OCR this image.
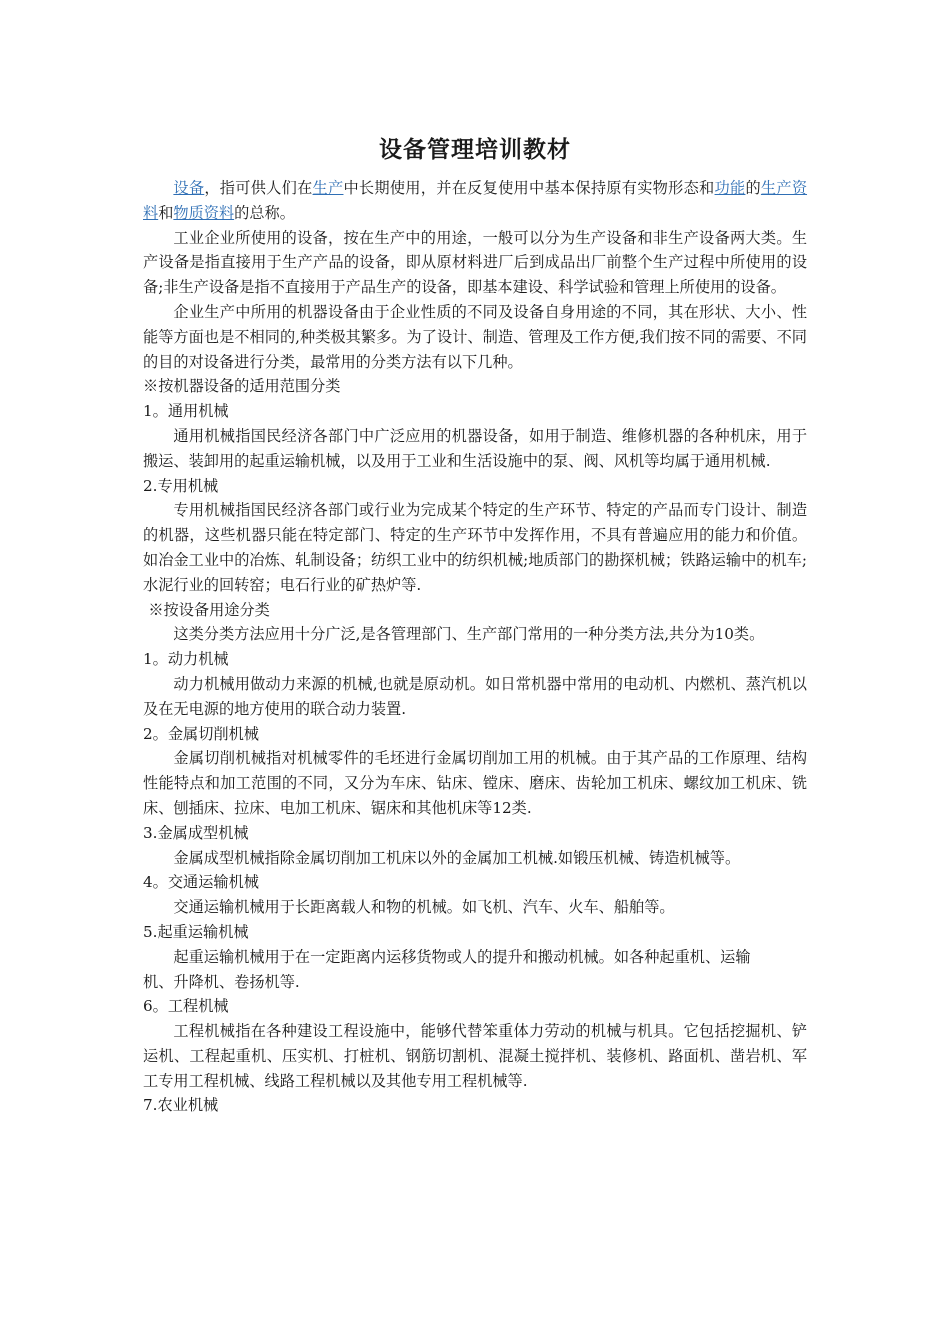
设备管理培训教材

设备，指可供人们在生产中长期使用，并在反复使用中基本保持原有实物形态和功能的生产资料和物质资料的总称。

工业企业所使用的设备，按在生产中的用途，一般可以分为生产设备和非生产设备两大类。生产设备是指直接用于生产产品的设备，即从原材料进厂后到成品出厂前整个生产过程中所使用的设备;非生产设备是指不直接用于产品生产的设备，即基本建设、科学试验和管理上所使用的设备。

企业生产中所用的机器设备由于企业性质的不同及设备自身用途的不同，其在形状、大小、性能等方面也是不相同的,种类极其繁多。为了设计、制造、管理及工作方便,我们按不同的需要、不同的目的对设备进行分类，最常用的分类方法有以下几种。

※按机器设备的适用范围分类

1。通用机械

通用机械指国民经济各部门中广泛应用的机器设备，如用于制造、维修机器的各种机床，用于搬运、装卸用的起重运输机械，以及用于工业和生活设施中的泵、阀、风机等均属于通用机械.

2.专用机械

专用机械指国民经济各部门或行业为完成某个特定的生产环节、特定的产品而专门设计、制造的机器，这些机器只能在特定部门、特定的生产环节中发挥作用，不具有普遍应用的能力和价值。如冶金工业中的冶炼、轧制设备；纺织工业中的纺织机械;地质部门的勘探机械；铁路运输中的机车;水泥行业的回转窑；电石行业的矿热炉等.

※按设备用途分类

这类分类方法应用十分广泛,是各管理部门、生产部门常用的一种分类方法,共分为10类。

1。动力机械

动力机械用做动力来源的机械,也就是原动机。如日常机器中常用的电动机、内燃机、蒸汽机以及在无电源的地方使用的联合动力装置.

2。金属切削机械

金属切削机械指对机械零件的毛坯进行金属切削加工用的机械。由于其产品的工作原理、结构性能特点和加工范围的不同，又分为车床、钻床、镗床、磨床、齿轮加工机床、螺纹加工机床、铣床、刨插床、拉床、电加工机床、锯床和其他机床等12类.

3.金属成型机械

金属成型机械指除金属切削加工机床以外的金属加工机械.如锻压机械、铸造机械等。

4。交通运输机械

交通运输机械用于长距离载人和物的机械。如飞机、汽车、火车、船舶等。

5.起重运输机械

起重运输机械用于在一定距离内运移货物或人的提升和搬动机械。如各种起重机、运输

机、升降机、卷扬机等.

6。工程机械

工程机械指在各种建设工程设施中，能够代替笨重体力劳动的机械与机具。它包括挖掘机、铲运机、工程起重机、压实机、打桩机、钢筋切割机、混凝土搅拌机、装修机、路面机、凿岩机、军工专用工程机械、线路工程机械以及其他专用工程机械等.

7.农业机械
